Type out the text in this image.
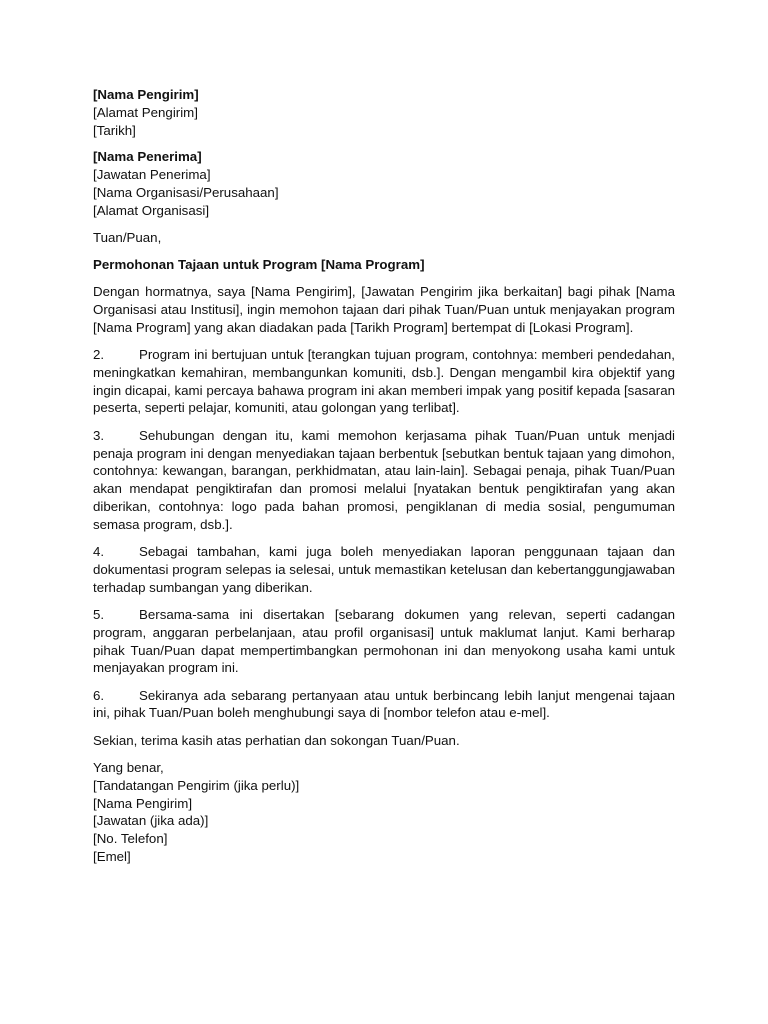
[Nama Pengirim]
[Alamat Pengirim]
[Tarikh]
[Nama Penerima]
[Jawatan Penerima]
[Nama Organisasi/Perusahaan]
[Alamat Organisasi]

Tuan/Puan,

Permohonan Tajaan untuk Program [Nama Program]

Dengan hormatnya, saya [Nama Pengirim], [Jawatan Pengirim jika berkaitan] bagi pihak [Nama Organisasi atau Institusi], ingin memohon tajaan dari pihak Tuan/Puan untuk menjayakan program [Nama Program] yang akan diadakan pada [Tarikh Program] bertempat di [Lokasi Program].

2.	Program ini bertujuan untuk [terangkan tujuan program, contohnya: memberi pendedahan, meningkatkan kemahiran, membangunkan komuniti, dsb.]. Dengan mengambil kira objektif yang ingin dicapai, kami percaya bahawa program ini akan memberi impak yang positif kepada [sasaran peserta, seperti pelajar, komuniti, atau golongan yang terlibat].

3.	Sehubungan dengan itu, kami memohon kerjasama pihak Tuan/Puan untuk menjadi penaja program ini dengan menyediakan tajaan berbentuk [sebutkan bentuk tajaan yang dimohon, contohnya: kewangan, barangan, perkhidmatan, atau lain-lain]. Sebagai penaja, pihak Tuan/Puan akan mendapat pengiktirafan dan promosi melalui [nyatakan bentuk pengiktirafan yang akan diberikan, contohnya: logo pada bahan promosi, pengiklanan di media sosial, pengumuman semasa program, dsb.].

4.	Sebagai tambahan, kami juga boleh menyediakan laporan penggunaan tajaan dan dokumentasi program selepas ia selesai, untuk memastikan ketelusan dan kebertanggungjawaban terhadap sumbangan yang diberikan.

5.	Bersama-sama ini disertakan [sebarang dokumen yang relevan, seperti cadangan program, anggaran perbelanjaan, atau profil organisasi] untuk maklumat lanjut. Kami berharap pihak Tuan/Puan dapat mempertimbangkan permohonan ini dan menyokong usaha kami untuk menjayakan program ini.

6.	Sekiranya ada sebarang pertanyaan atau untuk berbincang lebih lanjut mengenai tajaan ini, pihak Tuan/Puan boleh menghubungi saya di [nombor telefon atau e-mel].

Sekian, terima kasih atas perhatian dan sokongan Tuan/Puan.

Yang benar,
[Tandatangan Pengirim (jika perlu)]
[Nama Pengirim]
[Jawatan (jika ada)]
[No. Telefon]
[Emel]
